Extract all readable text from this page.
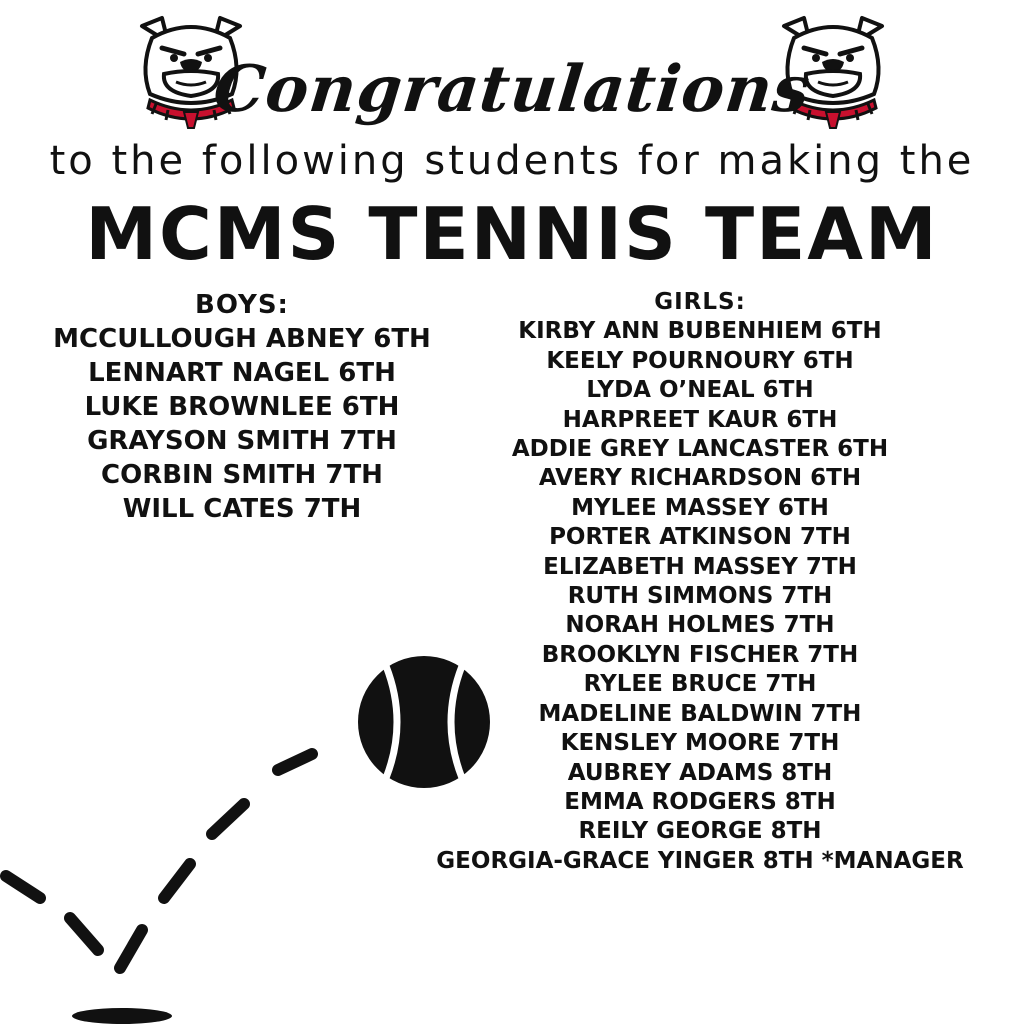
Congratulations
to the following students for making the
MCMS TENNIS TEAM
BOYS:
MCCULLOUGH ABNEY 6TH
LENNART NAGEL 6TH
LUKE BROWNLEE 6TH
GRAYSON SMITH 7TH
CORBIN SMITH 7TH
WILL CATES 7TH
GIRLS:
KIRBY ANN BUBENHIEM 6TH
KEELY POURNOURY 6TH
LYDA O’NEAL 6TH
HARPREET KAUR 6TH
ADDIE GREY LANCASTER 6TH
AVERY RICHARDSON 6TH
MYLEE MASSEY 6TH
PORTER ATKINSON 7TH
ELIZABETH MASSEY 7TH
RUTH SIMMONS 7TH
NORAH HOLMES 7TH
BROOKLYN FISCHER 7TH
RYLEE BRUCE 7TH
MADELINE BALDWIN 7TH
KENSLEY MOORE 7TH
AUBREY ADAMS 8TH
EMMA RODGERS 8TH
REILY GEORGE 8TH
GEORGIA-GRACE YINGER 8TH *MANAGER
